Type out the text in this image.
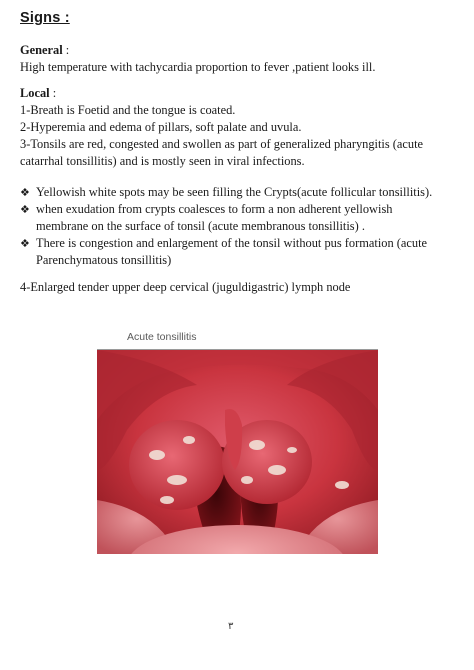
Signs :
General :
High temperature with tachycardia proportion to fever ,patient looks ill.
Local :
1-Breath is Foetid and the tongue is coated.
2-Hyperemia and edema of pillars, soft palate and uvula.
3-Tonsils are red, congested and swollen as part of generalized pharyngitis (acute
catarrhal tonsillitis) and is mostly seen in viral infections.
❖ Yellowish white spots may be seen filling the Crypts(acute follicular tonsillitis).
❖ when exudation from crypts coalesces to form a non adherent yellowish
membrane on the surface of tonsil (acute membranous tonsillitis) .
❖ There is congestion and enlargement of the tonsil without pus formation (acute
Parenchymatous tonsillitis)
4-Enlarged tender upper deep cervical (juguldigastric) lymph node
Acute tonsillitis
٣
